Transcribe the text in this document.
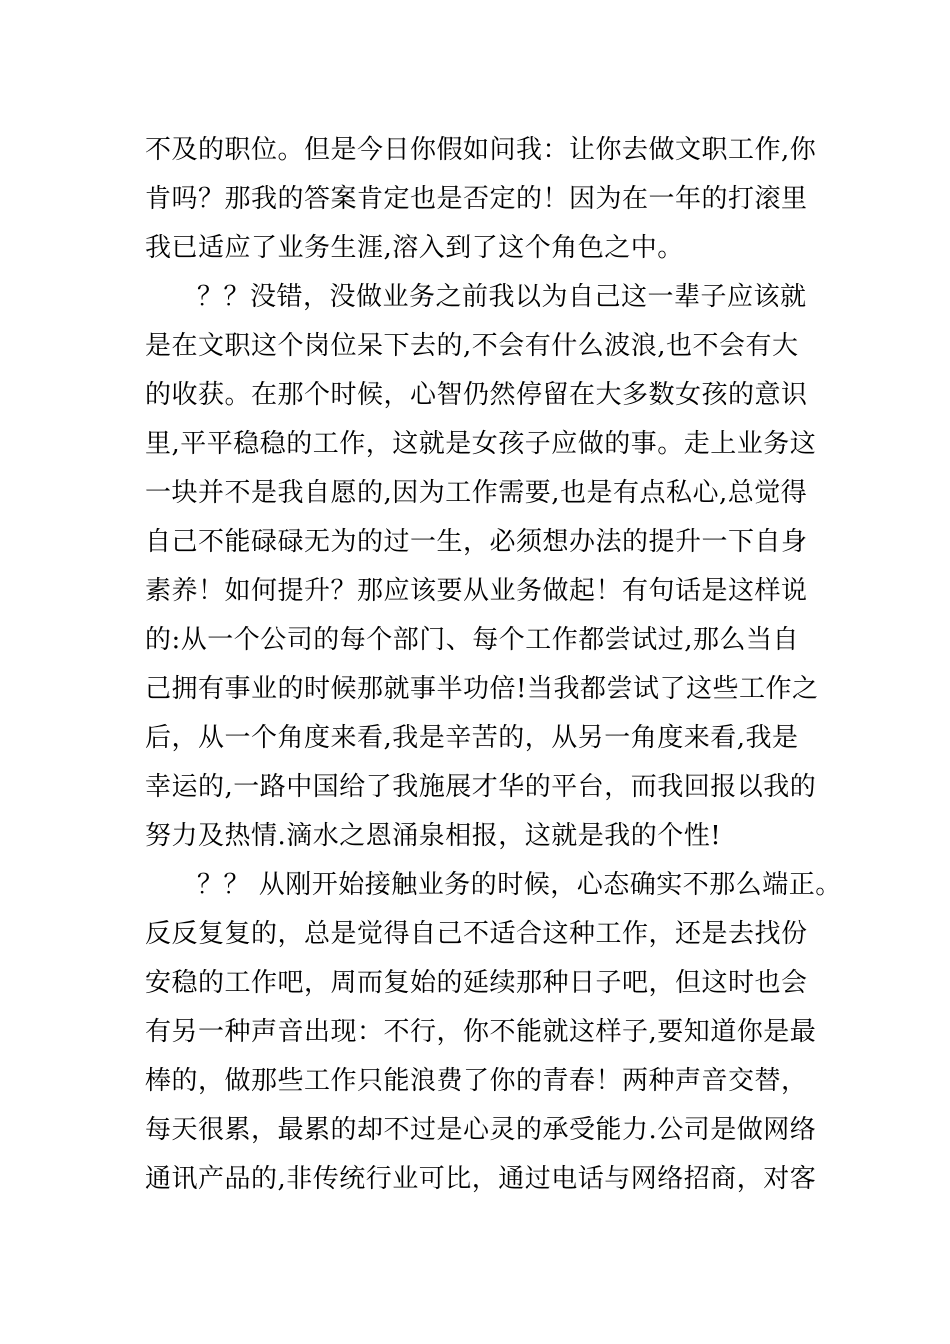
不及的职位。但是今日你假如问我：让你去做文职工作,你
肯吗？那我的答案肯定也是否定的！因为在一年的打滚里
我已适应了业务生涯,溶入到了这个角色之中。
？？没错，没做业务之前我以为自己这一辈子应该就
是在文职这个岗位呆下去的,不会有什么波浪,也不会有大
的收获。在那个时候，心智仍然停留在大多数女孩的意识
里,平平稳稳的工作，这就是女孩子应做的事。走上业务这
一块并不是我自愿的,因为工作需要,也是有点私心,总觉得
自己不能碌碌无为的过一生，必须想办法的提升一下自身
素养！如何提升？那应该要从业务做起！有句话是这样说
的:从一个公司的每个部门、每个工作都尝试过,那么当自
己拥有事业的时候那就事半功倍!当我都尝试了这些工作之
后，从一个角度来看,我是辛苦的，从另一角度来看,我是
幸运的,一路中国给了我施展才华的平台，而我回报以我的
努力及热情.滴水之恩涌泉相报，这就是我的个性!
？？ 从刚开始接触业务的时候，心态确实不那么端正。
反反复复的，总是觉得自己不适合这种工作，还是去找份
安稳的工作吧，周而复始的延续那种日子吧，但这时也会
有另一种声音出现：不行，你不能就这样子,要知道你是最
棒的，做那些工作只能浪费了你的青春！两种声音交替，
每天很累，最累的却不过是心灵的承受能力.公司是做网络
通讯产品的,非传统行业可比，通过电话与网络招商，对客
